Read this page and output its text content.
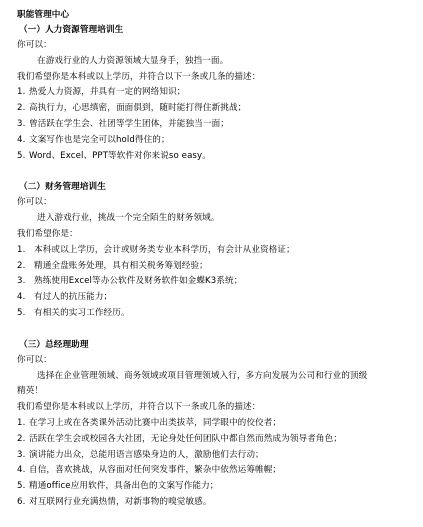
职能管理中心
（一）人力资源管理培训生
你可以：
在游戏行业的人力资源领域大显身手，独挡一面。
我们希望你是本科或以上学历，并符合以下一条或几条的描述：
1. 热爱人力资源，并具有一定的网络知识；
2. 高执行力，心思缜密，面面俱到，随时能打得住新挑战；
3. 曾活跃在学生会、社团等学生团体，并能独当一面；
4. 文案写作也是完全可以hold得住的；
5. Word、Excel、PPT等软件对你来说so easy。
（二）财务管理培训生
你可以：
进入游戏行业，挑战一个完全陌生的财务领域。
我们希望你是：
1. 本科或以上学历，会计或财务类专业本科学历，有会计从业资格证；
2. 精通全盘账务处理，具有相关税务筹划经验；
3. 熟练使用Excel等办公软件及财务软件如金蝶K3系统；
4. 有过人的抗压能力；
5. 有相关的实习工作经历。
（三）总经理助理
你可以：
选择在企业管理领域、商务领域或项目管理领域入行，多方向发展为公司和行业的顶级
精英！
我们希望你是本科或以上学历，并符合以下一条或几条的描述：
1. 在学习上或在各类课外活动比赛中出类拔萃，同学眼中的佼佼者；
2. 活跃在学生会或校园各大社团，无论身处任何团队中都自然而然成为领导者角色；
3. 演讲能力出众，总能用语言感染身边的人，激励他们去行动；
4. 自信，喜欢挑战，从容面对任何突发事件，繁杂中依然运筹帷幄；
5. 精通office应用软件，具备出色的文案写作能力；
6. 对互联网行业充满热情，对新事物的嗅觉敏感。
